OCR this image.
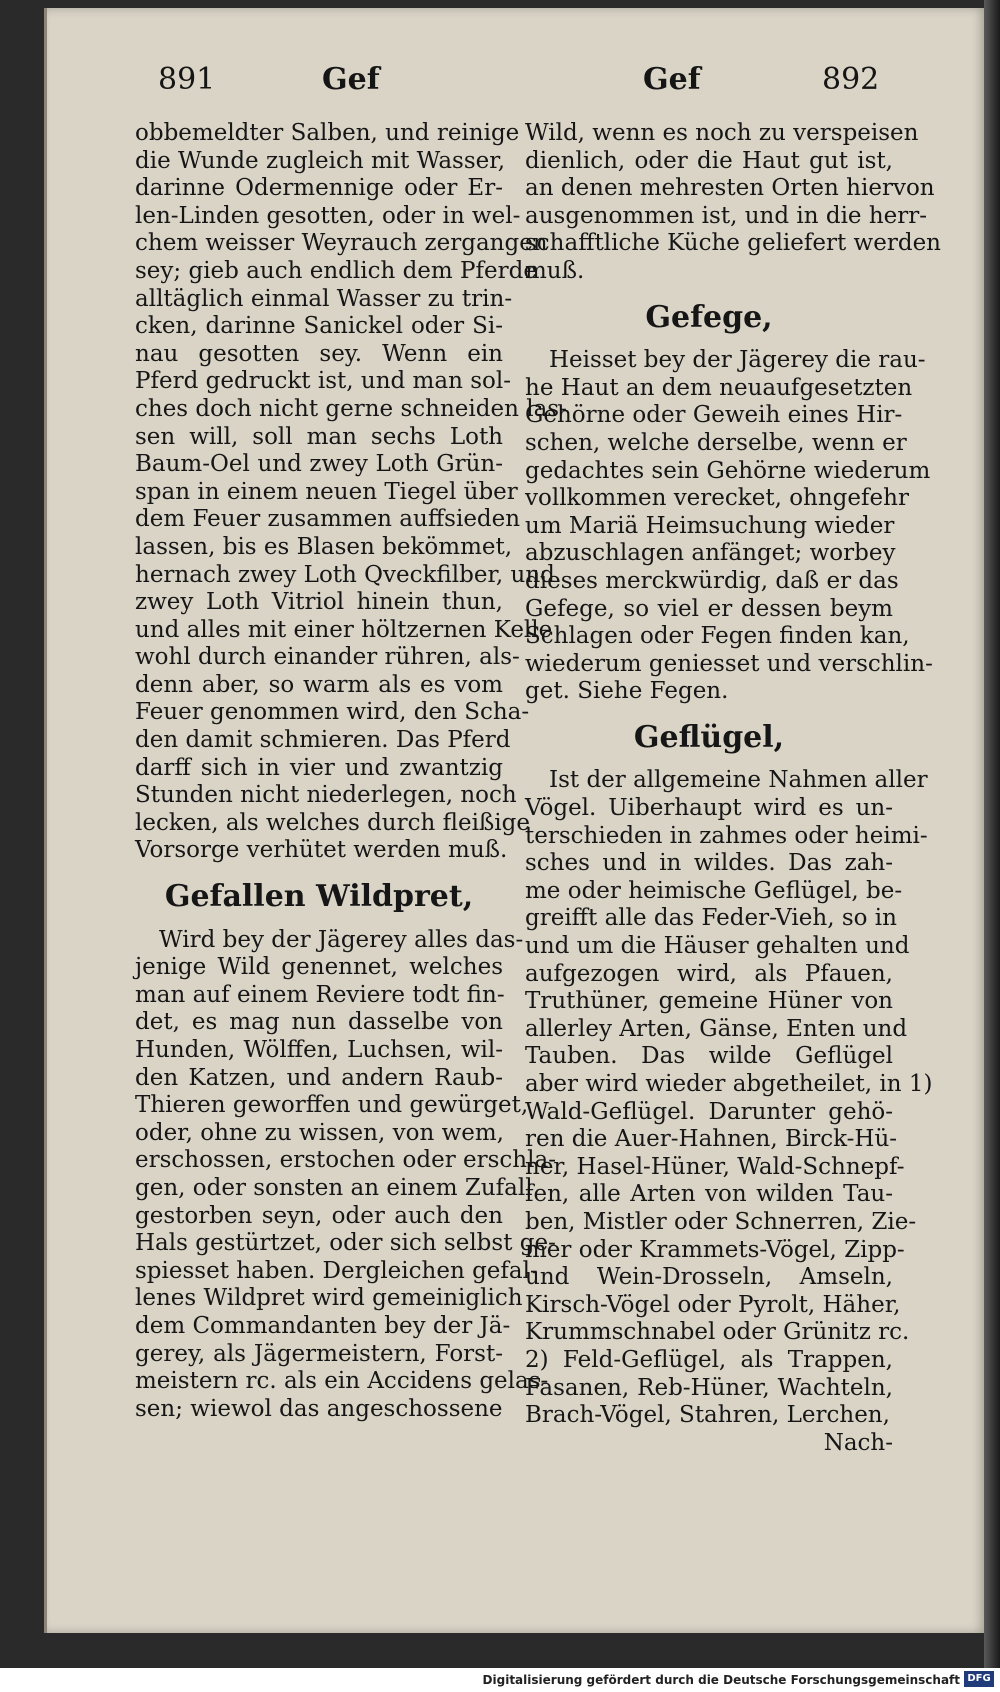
891	Gef	Gef	892
obbemeldter Salben, und reinige
die Wunde zugleich mit Wasser,
darinne Odermennige oder Er-
len-Linden gesotten, oder in wel-
chem weisser Weyrauch zergangen
sey; gieb auch endlich dem Pferde
alltäglich einmal Wasser zu trin-
cken, darinne Sanickel oder Si-
nau gesotten sey. Wenn ein
Pferd gedruckt ist, und man sol-
ches doch nicht gerne schneiden las-
sen will, soll man sechs Loth
Baum-Oel und zwey Loth Grün-
span in einem neuen Tiegel über
dem Feuer zusammen auffsieden
lassen, bis es Blasen bekömmet,
hernach zwey Loth Qveckfilber, und
zwey Loth Vitriol hinein thun,
und alles mit einer höltzernen Kelle
wohl durch einander rühren, als-
denn aber, so warm als es vom
Feuer genommen wird, den Scha-
den damit schmieren. Das Pferd
darff sich in vier und zwantzig
Stunden nicht niederlegen, noch
lecken, als welches durch fleißige
Vorsorge verhütet werden muß.
Gefallen Wildpret,
Wird bey der Jägerey alles das-
jenige Wild genennet, welches
man auf einem Reviere todt fin-
det, es mag nun dasselbe von
Hunden, Wölffen, Luchsen, wil-
den Katzen, und andern Raub-
Thieren geworffen und gewürget,
oder, ohne zu wissen, von wem,
erschossen, erstochen oder erschla-
gen, oder sonsten an einem Zufall
gestorben seyn, oder auch den
Hals gestürtzet, oder sich selbst ge-
spiesset haben. Dergleichen gefal-
lenes Wildpret wird gemeiniglich
dem Commandanten bey der Jä-
gerey, als Jägermeistern, Forst-
meistern rc. als ein Accidens gelas-
sen; wiewol das angeschossene
Wild, wenn es noch zu verspeisen
dienlich, oder die Haut gut ist,
an denen mehresten Orten hiervon
ausgenommen ist, und in die herr-
schafftliche Küche geliefert werden
muß.
Gefege,
Heisset bey der Jägerey die rau-
he Haut an dem neuaufgesetzten
Gehörne oder Geweih eines Hir-
schen, welche derselbe, wenn er
gedachtes sein Gehörne wiederum
vollkommen verecket, ohngefehr
um Mariä Heimsuchung wieder
abzuschlagen anfänget; worbey
dieses merckwürdig, daß er das
Gefege, so viel er dessen beym
Schlagen oder Fegen finden kan,
wiederum geniesset und verschlin-
get. Siehe Fegen.
Geflügel,
Ist der allgemeine Nahmen aller
Vögel. Uiberhaupt wird es un-
terschieden in zahmes oder heimi-
sches und in wildes. Das zah-
me oder heimische Geflügel, be-
greifft alle das Feder-Vieh, so in
und um die Häuser gehalten und
aufgezogen wird, als Pfauen,
Truthüner, gemeine Hüner von
allerley Arten, Gänse, Enten und
Tauben. Das wilde Geflügel
aber wird wieder abgetheilet, in 1)
Wald-Geflügel. Darunter gehö-
ren die Auer-Hahnen, Birck-Hü-
ner, Hasel-Hüner, Wald-Schnepf-
fen, alle Arten von wilden Tau-
ben, Mistler oder Schnerren, Zie-
mer oder Krammets-Vögel, Zipp-
und Wein-Drosseln, Amseln,
Kirsch-Vögel oder Pyrolt, Häher,
Krummschnabel oder Grünitz rc.
2) Feld-Geflügel, als Trappen,
Fasanen, Reb-Hüner, Wachteln,
Brach-Vögel, Stahren, Lerchen,
Nach-
Digitalisierung gefördert durch die Deutsche Forschungsgemeinschaft DFG
